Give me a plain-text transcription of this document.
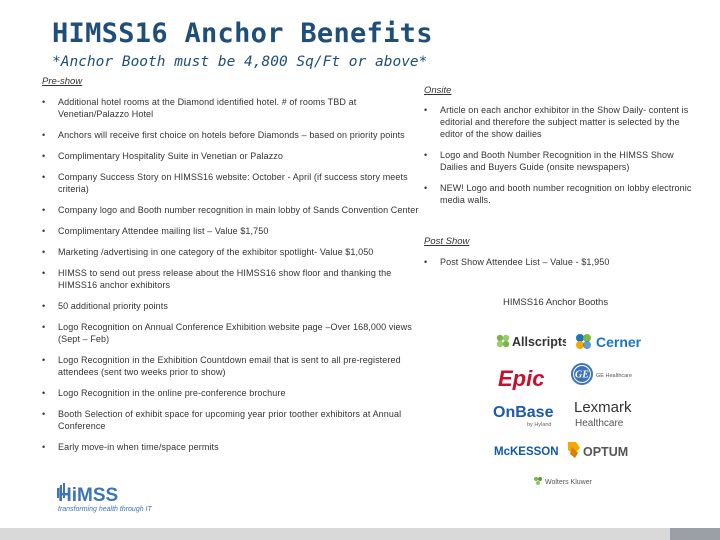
HIMSS16 Anchor Benefits
*Anchor Booth must be 4,800 Sq/Ft or above*
Pre-show
• Additional hotel rooms at the Diamond identified hotel. # of rooms TBD at Venetian/Palazzo Hotel
• Anchors will receive first choice on hotels before Diamonds – based on priority points
• Complimentary Hospitality Suite in Venetian or Palazzo
• Company Success Story on HIMSS16 website: October - April (if success story meets criteria)
• Company logo and Booth number recognition in main lobby of Sands Convention Center
• Complimentary Attendee mailing list – Value $1,750
• Marketing /advertising in one category of the exhibitor spotlight- Value $1,050
• HIMSS to send out press release about the HIMSS16 show floor and thanking the HIMSS16 anchor exhibitors
• 50 additional priority points
• Logo Recognition on Annual Conference Exhibition website page –Over 168,000 views (Sept – Feb)
• Logo Recognition in the Exhibition Countdown email that is sent to all pre-registered attendees (sent two weeks prior to show)
• Logo Recognition in the online pre-conference brochure
• Booth Selection of exhibit space for upcoming year prior toother exhibitors at Annual Conference
• Early move-in when time/space permits
Onsite
• Article on each anchor exhibitor in the Show Daily- content is editorial and therefore the subject matter is selected by the editor of the show dailies
• Logo and Booth Number Recognition in the HIMSS Show Dailies and Buyers Guide (onsite newspapers)
• NEW! Logo and booth number recognition on lobby electronic media walls.
Post Show
• Post Show Attendee List – Value - $1,950
HIMSS16 Anchor Booths
Allscripts Cerner
Epic	GE GE Healthcare
OnBase
by Hyland
Lexmark
Healthcare
McKESSON OPTUM
Wolters Kluwer
HiMSS
transforming health through IT
